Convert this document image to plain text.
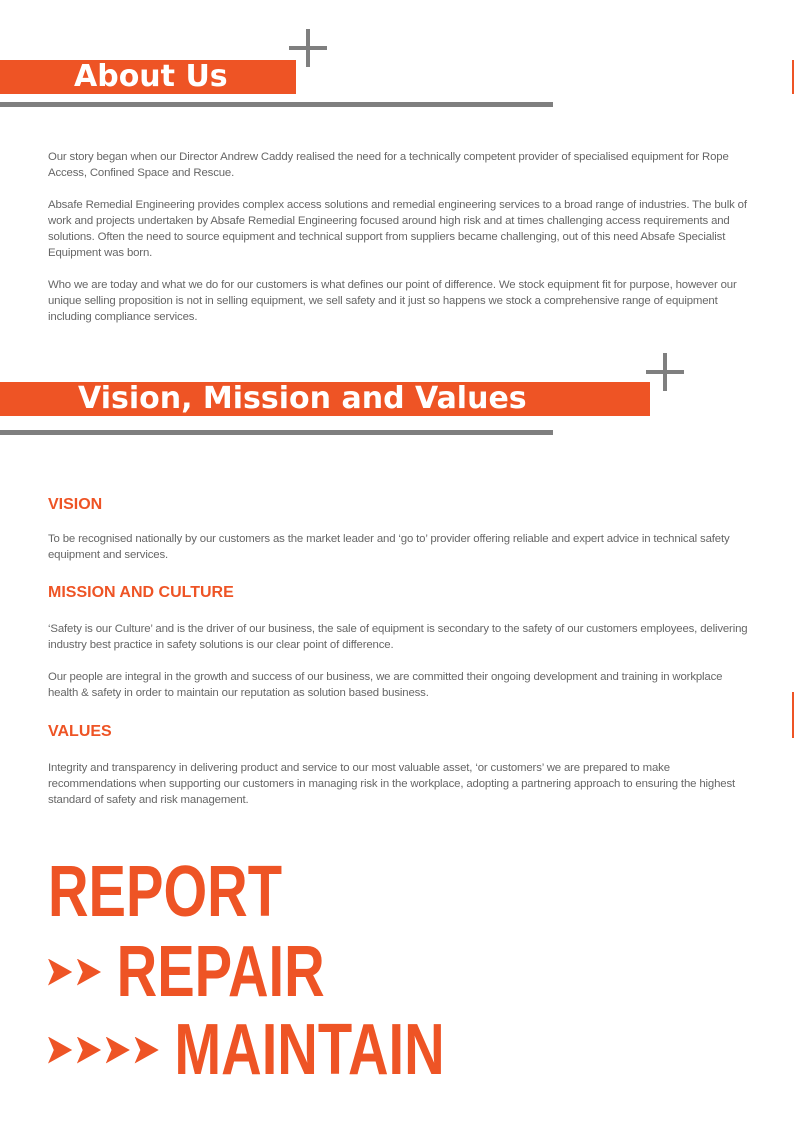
About Us

Our story began when our Director Andrew Caddy realised the need for a technically competent provider of specialised equipment for Rope Access, Confined Space and Rescue.

Absafe Remedial Engineering provides complex access solutions and remedial engineering services to a broad range of industries. The bulk of work and projects undertaken by Absafe Remedial Engineering focused around high risk and at times challenging access requirements and solutions. Often the need to source equipment and technical support from suppliers became challenging, out of this need Absafe Specialist Equipment was born.

Who we are today and what we do for our customers is what defines our point of difference. We stock equipment fit for purpose, however our unique selling proposition is not in selling equipment, we sell safety and it just so happens we stock a comprehensive range of equipment including compliance services.

Vision, Mission and Values
VISION

To be recognised nationally by our customers as the market leader and ‘go to’ provider offering reliable and expert advice in technical safety equipment and services.

MISSION AND CULTURE

‘Safety is our Culture’ and is the driver of our business, the sale of equipment is secondary to the safety of our customers employees, delivering industry best practice in safety solutions is our clear point of difference.

Our people are integral in the growth and success of our business, we are committed their ongoing development and training in workplace health & safety in order to maintain our reputation as solution based business.

VALUES

Integrity and transparency in delivering product and service to our most valuable asset, ‘or customers’ we are prepared to make recommendations when supporting our customers in managing risk in the workplace, adopting a partnering approach to ensuring the highest standard of safety and risk management.

REPORT
REPAIR
MAINTAIN
